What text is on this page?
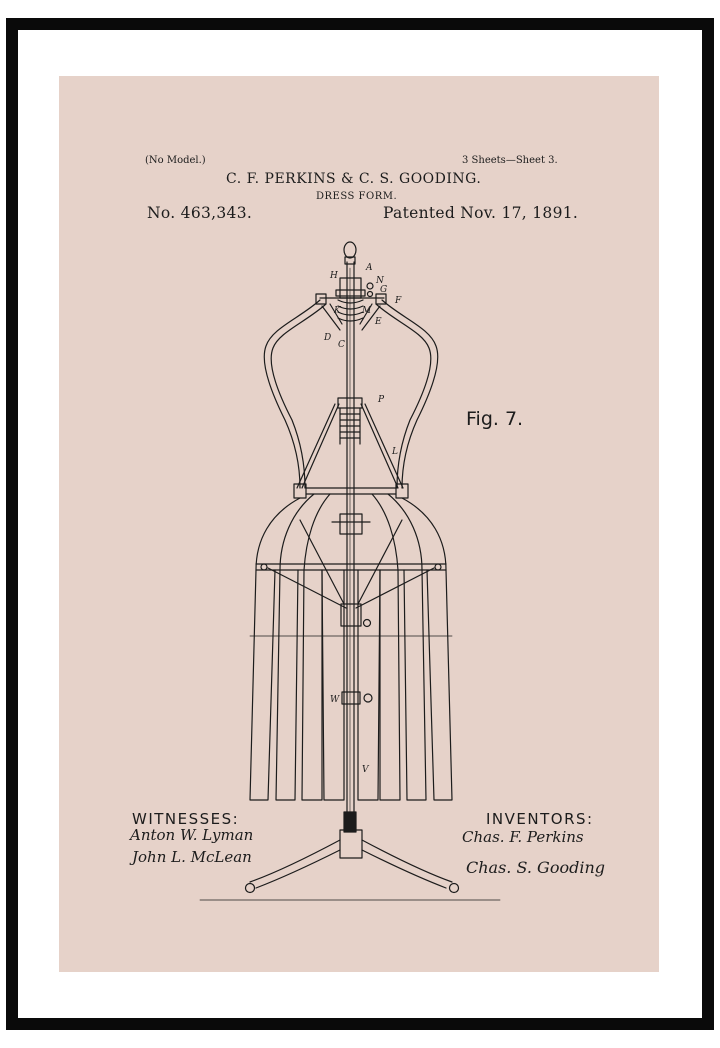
(No Model.)	3 Sheets—Sheet 3.
C. F. PERKINS & C. S. GOODING.
DRESS FORM.
No. 463,343.	Patented Nov. 17, 1891.
Fig. 7.
WITNESSES:
Anton W. Lyman
John L. McLean
INVENTORS:
Chas. F. Perkins
Chas. S. Gooding
A
H	N
G
F
K M
E
D
C
P
L
W
V
